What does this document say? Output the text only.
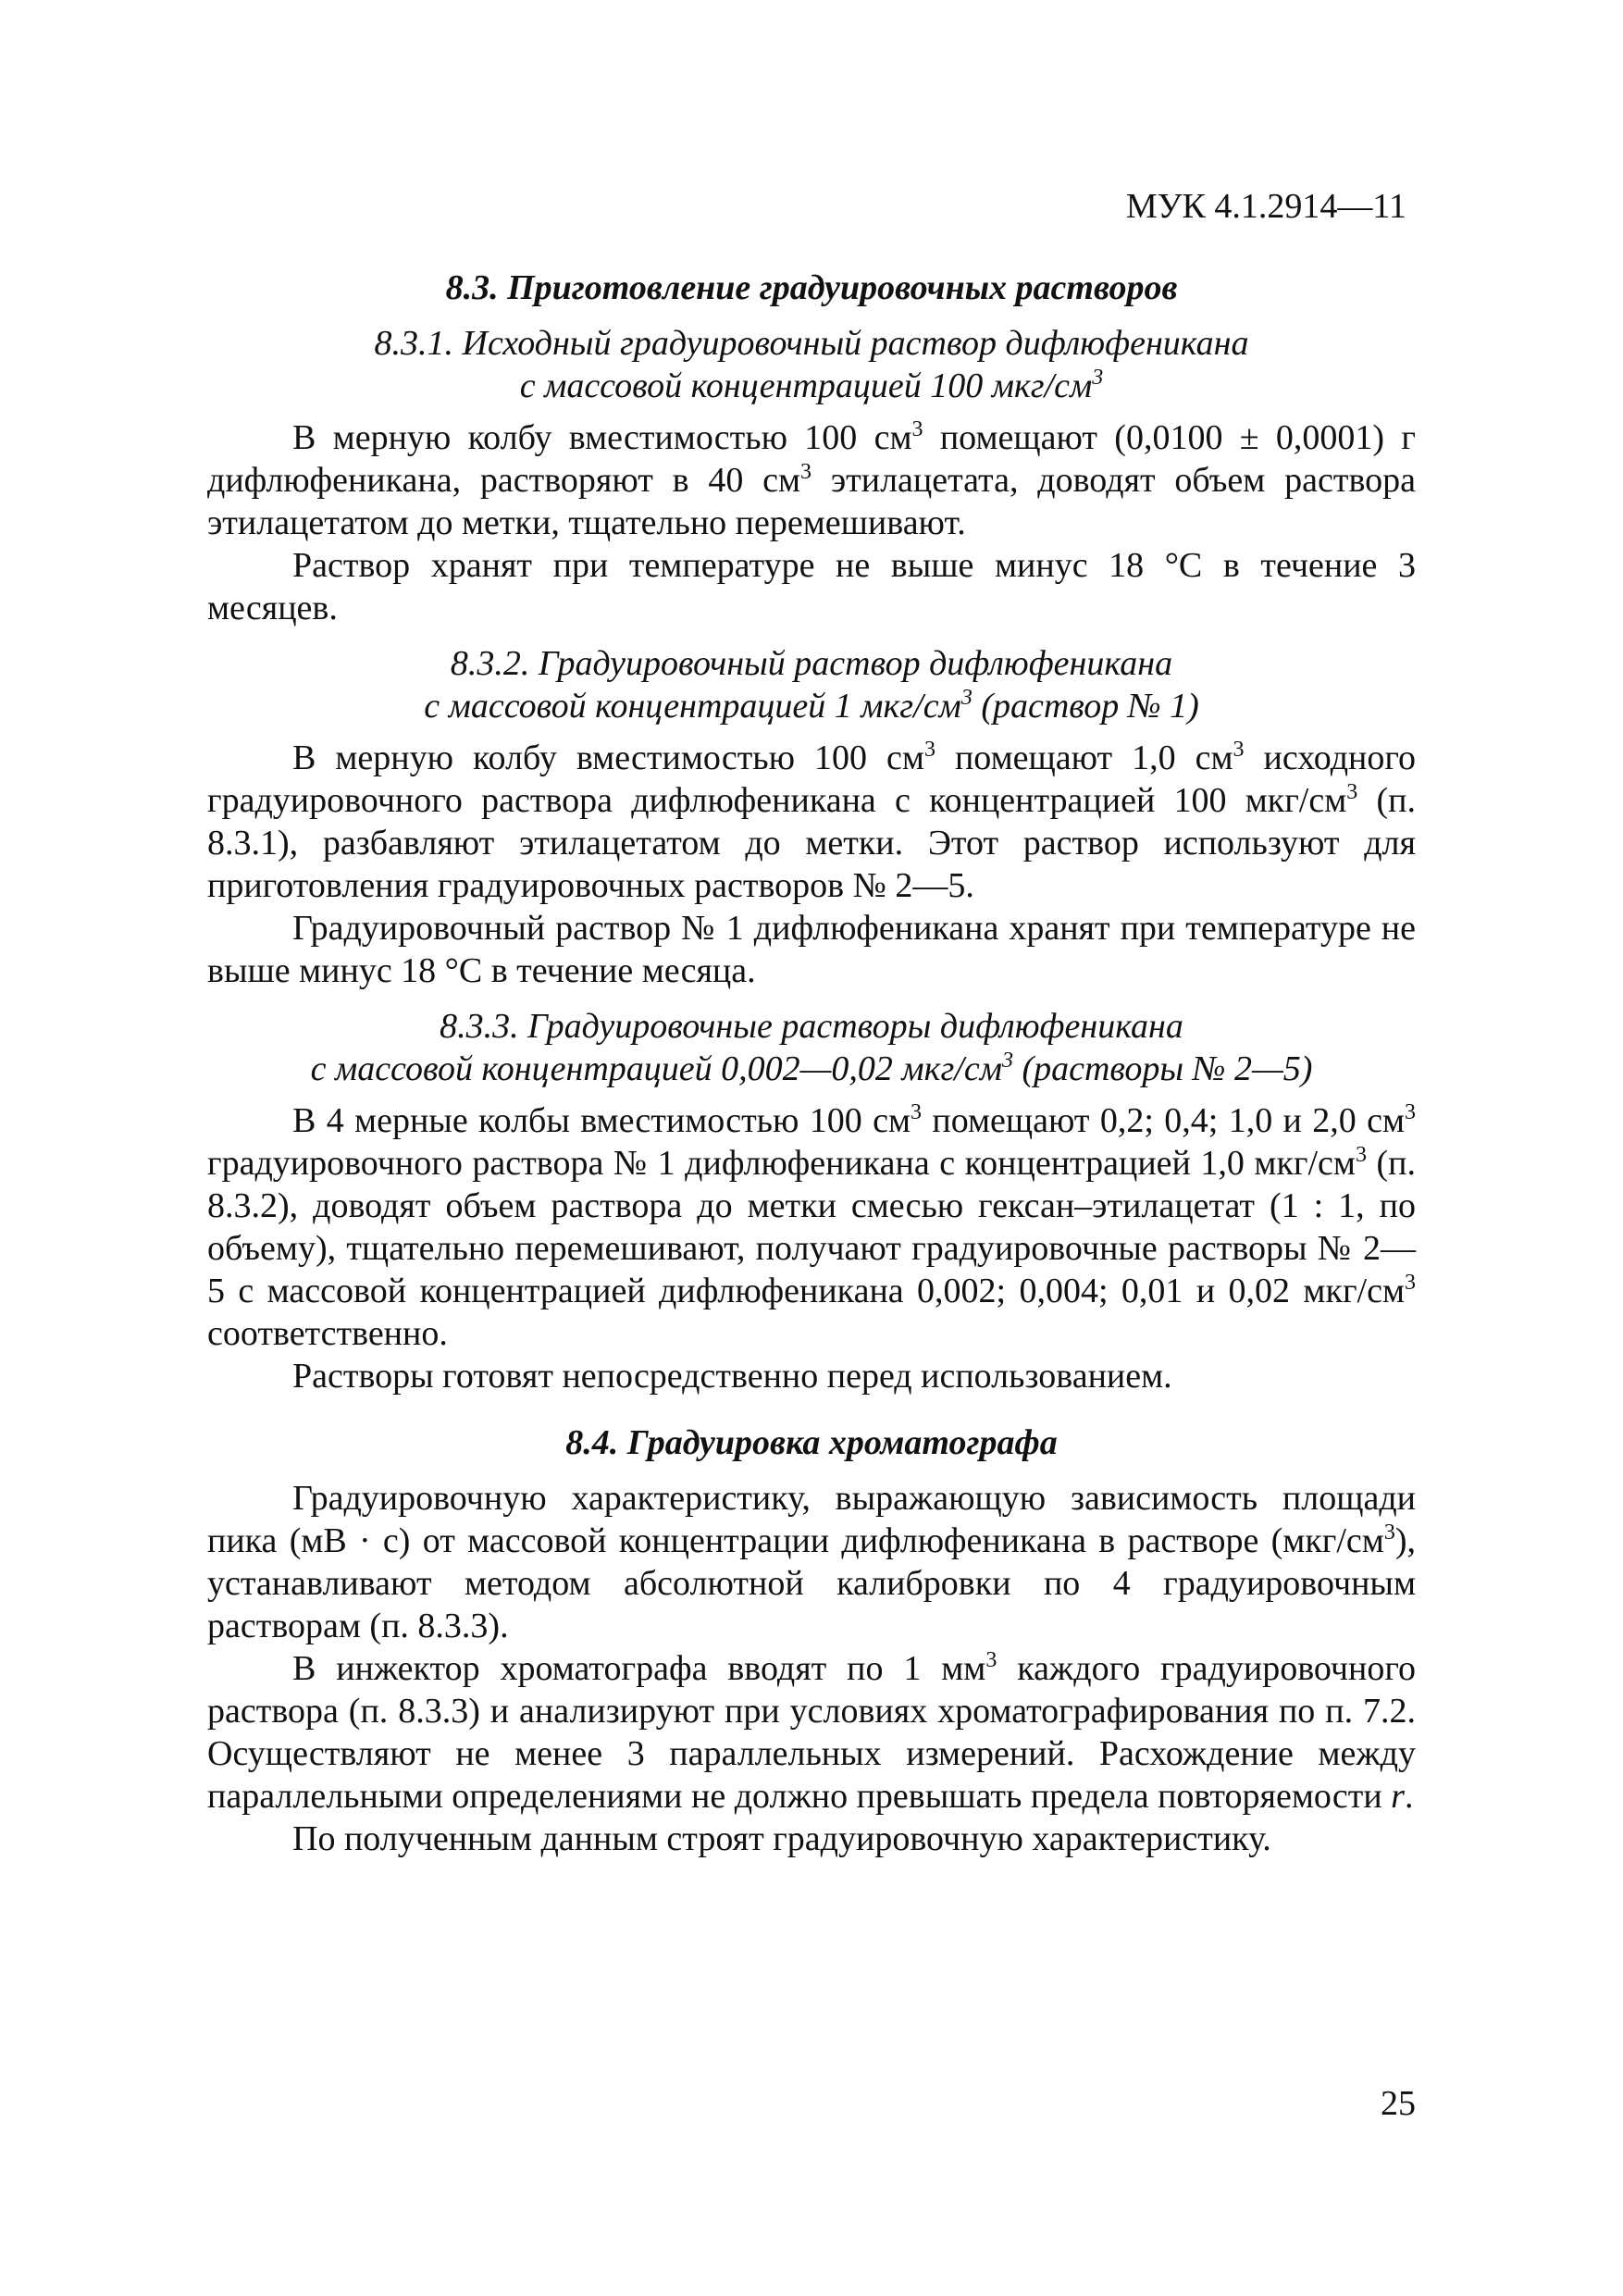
МУК 4.1.2914—11
8.3. Приготовление градуировочных растворов
8.3.1. Исходный градуировочный раствор дифлюфеникана
с массовой концентрацией 100 мкг/$см^3$

В мерную колбу вместимостью 100 $см^3$ помещают (0,0100 ± 0,0001) г дифлюфеникана, растворяют в 40 $см^3$ этилацетата, доводят объем раствора этилацетатом до метки, тщательно перемешивают.

Раствор хранят при температуре не выше минус 18 °С в течение 3 месяцев.

8.3.2. Градуировочный раствор дифлюфеникана
с массовой концентрацией 1 мкг/$см^3$ (раствор № 1)

В мерную колбу вместимостью 100 $см^3$ помещают 1,0 $см^3$ исходного градуировочного раствора дифлюфеникана с концентрацией 100 мкг/$см^3$ (п. 8.3.1), разбавляют этилацетатом до метки. Этот раствор используют для приготовления градуировочных растворов № 2—5.

Градуировочный раствор № 1 дифлюфеникана хранят при температуре не выше минус 18 °С в течение месяца.

8.3.3. Градуировочные растворы дифлюфеникана
с массовой концентрацией 0,002—0,02 мкг/$см^3$ (растворы № 2—5)

В 4 мерные колбы вместимостью 100 $см^3$ помещают 0,2; 0,4; 1,0 и 2,0 $см^3$ градуировочного раствора № 1 дифлюфеникана с концентрацией 1,0 мкг/$см^3$ (п. 8.3.2), доводят объем раствора до метки смесью гексан–этилацетат (1 : 1, по объему), тщательно перемешивают, получают градуировочные растворы № 2—5 с массовой концентрацией дифлюфеникана 0,002; 0,004; 0,01 и 0,02 мкг/$см^3$ соответственно.

Растворы готовят непосредственно перед использованием.

8.4. Градуировка хроматографа

Градуировочную характеристику, выражающую зависимость площади пика (мВ · с) от массовой концентрации дифлюфеникана в растворе $(мкг/см^3)$, устанавливают методом абсолютной калибровки по 4 градуировочным растворам (п. 8.3.3).

В инжектор хроматографа вводят по 1 $мм^3$ каждого градуировочного раствора (п. 8.3.3) и анализируют при условиях хроматографирования по п. 7.2. Осуществляют не менее 3 параллельных измерений. Расхождение между параллельными определениями не должно превышать предела повторяемости r.

По полученным данным строят градуировочную характеристику.

25
